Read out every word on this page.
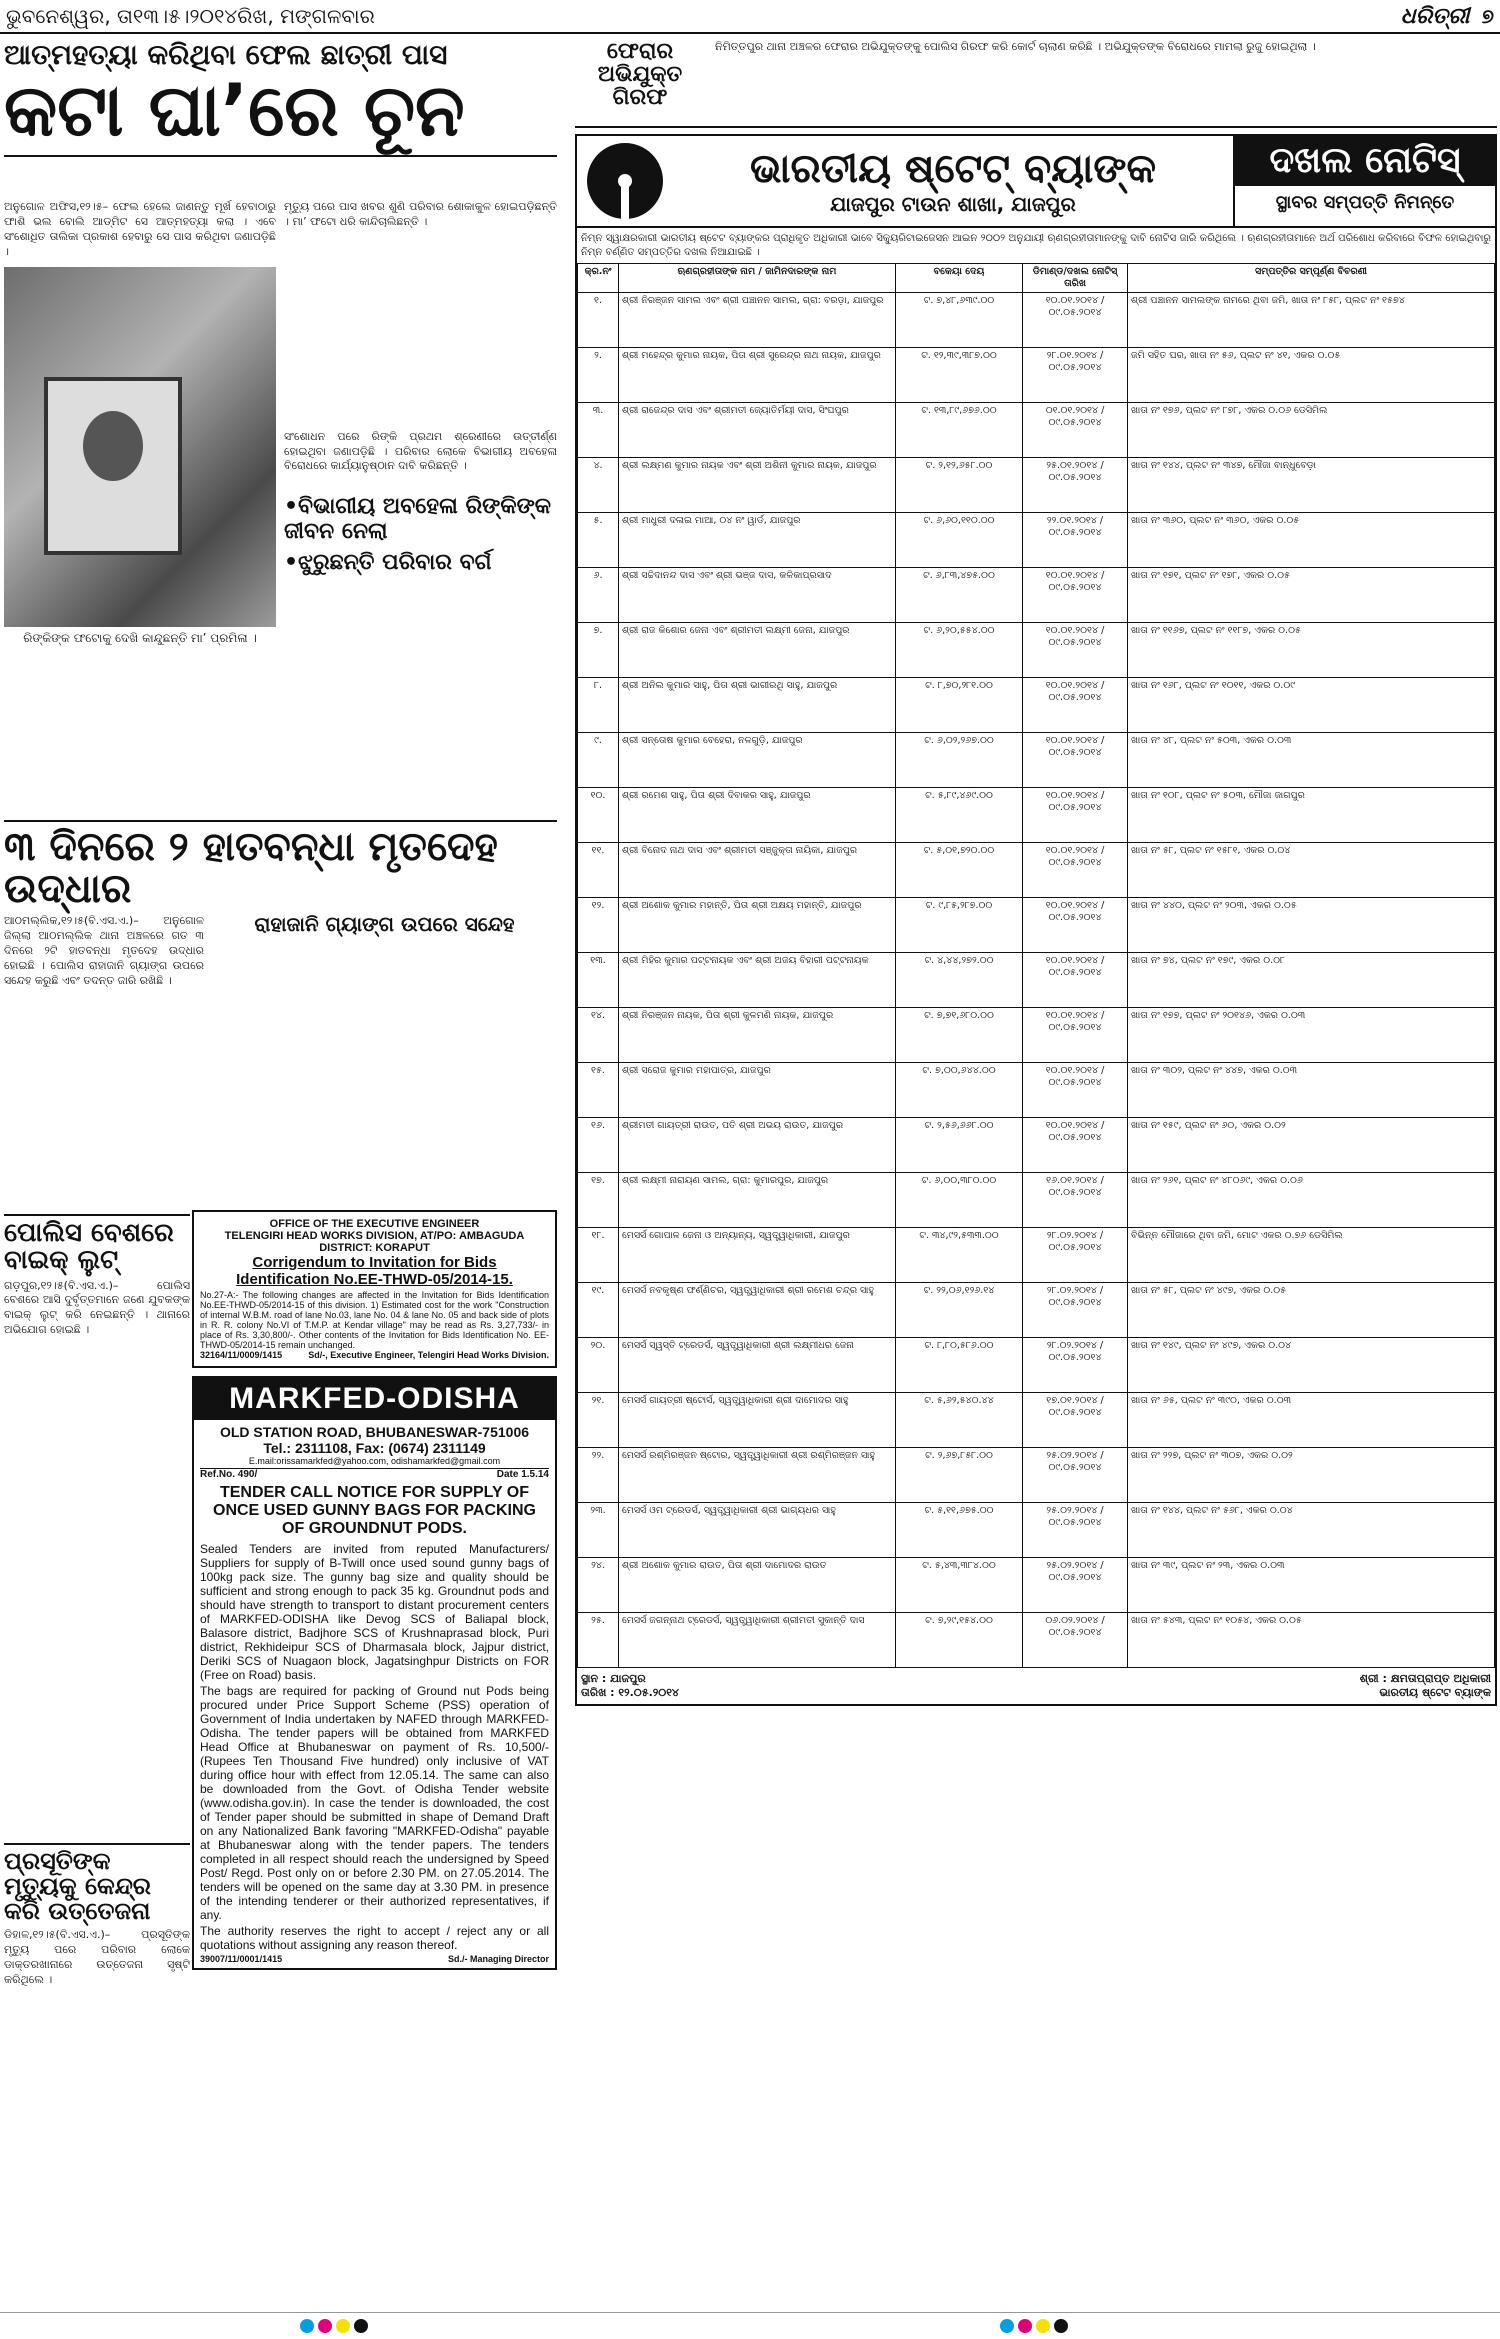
ଭୁବନେଶ୍ୱର, ତା୧୩।୫।୨୦୧୪ରିଖ, ମଙ୍ଗଳବାର	ଧରିତ୍ରୀ ୭
ଆତ୍ମହତ୍ୟା କରିଥିବା ଫେଲ ଛାତ୍ରୀ ପାସ
କଟା ଘା’ରେ ଚୂନ
ଅନୁଗୋଳ ଅଫିସ,୧୨।୫– ଫେଲ ହେଲେ ଜାଣନ୍ତୁ ମୂର୍ଖ ହେବାଠାରୁ ଫାଶି ଭଲ ବୋଲି ଆଡ୍‌ମିଟ ସେ ଆତ୍ମହତ୍ୟା କଲା । ଏବେ ସଂଶୋଧିତ ତାଲିକା ପ୍ରକାଶ ହେବାରୁ ସେ ପାସ କରିଥିବା ଜଣାପଡ଼ିଛି ।
ରିଙ୍କିଙ୍କ ଫଟୋକୁ ଦେଖି କାନ୍ଦୁଛନ୍ତି ମା’ ପ୍ରମିଳା ।
ମୃତ୍ୟୁ ପରେ ପାସ ଖବର ଶୁଣି ପରିବାର ଶୋକାକୁଳ ହୋଇପଡ଼ିଛନ୍ତି । ମା’ ଫଟୋ ଧରି କାନ୍ଦିଚାଲିଛନ୍ତି ।
ସଂଶୋଧନ ପରେ ରିଙ୍କି ପ୍ରଥମ ଶ୍ରେଣୀରେ ଉତ୍ତୀର୍ଣ୍ଣ ହୋଇଥିବା ଜଣାପଡ଼ିଛି । ପରିବାର ଲୋକେ ବିଭାଗୀୟ ଅବହେଳା ବିରୋଧରେ କାର୍ଯ୍ୟାନୁଷ୍ଠାନ ଦାବି କରିଛନ୍ତି ।
•ବିଭାଗୀୟ ଅବହେଳା ରିଙ୍କିଙ୍କ ଜୀବନ ନେଲା
•ଝୁରୁଛନ୍ତି ପରିବାର ବର୍ଗ
୩ ଦିନରେ ୨ ହାତବନ୍ଧା ମୃତଦେହ ଉଦ୍ଧାର
ଆଠମଲ୍ଲିକ,୧୨।୫(ବି.ଏସ.ଏ.)– ଅନୁଗୋଳ ଜିଲ୍ଲା ଆଠମଲ୍ଲିକ ଥାନା ଅଞ୍ଚଳରେ ଗତ ୩ ଦିନରେ ୨ଟି ହାତବନ୍ଧା ମୃତଦେହ ଉଦ୍ଧାର ହୋଇଛି । ପୋଲିସ ରାହାଜାନି ଗ୍ୟାଙ୍ଗ ଉପରେ ସନ୍ଦେହ କରୁଛି ଏବଂ ତଦନ୍ତ ଜାରି ରଖିଛି ।
ରାହାଜାନି ଗ୍ୟାଙ୍ଗ ଉପରେ ସନ୍ଦେହ
ପୋଲିସ ବେଶରେ ବାଇକ୍ ଲୁଟ୍
ଗଡ଼ପୁର,୧୨।୫(ବି.ଏସ.ଏ.)– ପୋଲିସ ବେଶରେ ଆସି ଦୁର୍ବୃତ୍ତମାନେ ଜଣେ ଯୁବକଙ୍କ ବାଇକ୍ ଲୁଟ୍ କରି ନେଇଛନ୍ତି । ଥାନାରେ ଅଭିଯୋଗ ହୋଇଛି ।
ପ୍ରସୂତିଙ୍କ ମୃତ୍ୟୁକୁ କେନ୍ଦ୍ର କରି ଉତ୍ତେଜନା
ଡିହାଳ,୧୨।୫(ବି.ଏସ.ଏ.)– ପ୍ରସୂତିଙ୍କ ମୃତ୍ୟୁ ପରେ ପରିବାର ଲୋକେ ଡାକ୍ତରଖାନାରେ ଉତ୍ତେଜନା ସୃଷ୍ଟି କରିଥିଲେ ।
OFFICE OF THE EXECUTIVE ENGINEER
TELENGIRI HEAD WORKS DIVISION, AT/PO: AMBAGUDA
DISTRICT: KORAPUT
Corrigendum to Invitation for Bids
Identification No.EE-THWD-05/2014-15.
No.27-A:- The following changes are affected in the Invitation for Bids Identification No.EE-THWD-05/2014-15 of this division. 1) Estimated cost for the work "Construction of internal W.B.M. road of lane No.03, lane No. 04 & lane No. 05 and back side of plots in R. R. colony No.VI of T.M.P. at Kendar village" may be read as Rs. 3,27,733/- in place of Rs. 3,30,800/-. Other contents of the Invitation for Bids Identification No. EE-THWD-05/2014-15 remain unchanged.
32164/11/0009/1415	Sd/-, Executive Engineer, Telengiri Head Works Division.
MARKFED-ODISHA
OLD STATION ROAD, BHUBANESWAR-751006
Tel.: 2311108, Fax: (0674) 2311149
E.mail:orissamarkfed@yahoo.com, odishamarkfed@gmail.com
Ref.No. 490/	Date 1.5.14
TENDER CALL NOTICE FOR SUPPLY OF ONCE USED GUNNY BAGS FOR PACKING OF GROUNDNUT PODS.
Sealed Tenders are invited from reputed Manufacturers/ Suppliers for supply of B-Twill once used sound gunny bags of 100kg pack size. The gunny bag size and quality should be sufficient and strong enough to pack 35 kg. Groundnut pods and should have strength to transport to distant procurement centers of MARKFED-ODISHA like Devog SCS of Baliapal block, Balasore district, Badjhore SCS of Krushnaprasad block, Puri district, Rekhideipur SCS of Dharmasala block, Jajpur district, Deriki SCS of Nuagaon block, Jagatsinghpur Districts on FOR (Free on Road) basis.
The bags are required for packing of Ground nut Pods being procured under Price Support Scheme (PSS) operation of Government of India undertaken by NAFED through MARKFED-Odisha. The tender papers will be obtained from MARKFED Head Office at Bhubaneswar on payment of Rs. 10,500/- (Rupees Ten Thousand Five hundred) only inclusive of VAT during office hour with effect from 12.05.14. The same can also be downloaded from the Govt. of Odisha Tender website (www.odisha.gov.in). In case the tender is downloaded, the cost of Tender paper should be submitted in shape of Demand Draft on any Nationalized Bank favoring "MARKFED-Odisha" payable at Bhubaneswar along with the tender papers. The tenders completed in all respect should reach the undersigned by Speed Post/ Regd. Post only on or before 2.30 PM. on 27.05.2014. The tenders will be opened on the same day at 3.30 PM. in presence of the intending tenderer or their authorized representatives, if any.
The authority reserves the right to accept / reject any or all quotations without assigning any reason thereof.
39007/11/0001/1415	Sd./- Managing Director
ଫେରାର ଅଭିଯୁକ୍ତ ଗିରଫ
ନିମିତ୍ତପୁର ଥାନା ଅଞ୍ଚଳର ଫେରାର ଅଭିଯୁକ୍ତଙ୍କୁ ପୋଲିସ ଗିରଫ କରି କୋର୍ଟ ଚାଲାଣ କରିଛି । ଅଭିଯୁକ୍ତଙ୍କ ବିରୋଧରେ ମାମଲା ରୁଜୁ ହୋଇଥିଲା ।
ଭାରତୀୟ ଷ୍ଟେଟ୍ ବ୍ୟାଙ୍କ
ଯାଜପୁର ଟାଉନ ଶାଖା, ଯାଜପୁର
ଦଖଲ ନୋଟିସ୍
ସ୍ଥାବର ସମ୍ପତ୍ତି ନିମନ୍ତେ
ନିମ୍ନ ସ୍ୱାକ୍ଷରକାରୀ ଭାରତୀୟ ଷ୍ଟେଟ ବ୍ୟାଙ୍କର ପ୍ରାଧିକୃତ ଅଧିକାରୀ ଭାବେ ସିକ୍ୟୁରିଟାଇଜେସନ ଆଇନ ୨୦୦୨ ଅନୁଯାୟୀ ଋଣଗ୍ରହୀତାମାନଙ୍କୁ ଦାବି ନୋଟିସ ଜାରି କରିଥିଲେ । ଋଣଗ୍ରହୀତାମାନେ ଅର୍ଥ ପରିଶୋଧ କରିବାରେ ବିଫଳ ହୋଇଥିବାରୁ ନିମ୍ନ ବର୍ଣ୍ଣିତ ସମ୍ପତ୍ତିର ଦଖଲ ନିଆଯାଇଛି ।
କ୍ର.ନଂ	ଋଣଗ୍ରହୀତାଙ୍କ ନାମ / ଜାମିନଦାରଙ୍କ ନାମ	ବକେୟା ଦେୟ	ଡିମାଣ୍ଡ/ଦଖଲ ନୋଟିସ୍ ତାରିଖ	ସମ୍ପତ୍ତିର ସମ୍ପୂର୍ଣ୍ଣ ବିବରଣୀ
୧.	ଶ୍ରୀ ନିରଞ୍ଜନ ସାମଲ ଏବଂ ଶ୍ରୀ ପଞ୍ଚାନନ ସାମଲ, ଗ୍ରା: ବରଡ଼ା, ଯାଜପୁର	ଟ. ୭,୪୮,୬୩୯.୦୦	୧୦.୦୧.୨୦୧୪ / ୦୯.୦୫.୨୦୧୪	ଶ୍ରୀ ପଞ୍ଚାନନ ସାମଲଙ୍କ ନାମରେ ଥିବା ଜମି, ଖାତା ନଂ ୮୫୮, ପ୍ଲଟ ନଂ ୧୫୭୪
୨.	ଶ୍ରୀ ମହେନ୍ଦ୍ର କୁମାର ନାୟକ, ପିତା ଶ୍ରୀ ସୁରେନ୍ଦ୍ର ନାଥ ନାୟକ, ଯାଜପୁର	ଟ. ୧୨,୩୯,୩୮୭.୦୦	୨୮.୦୧.୨୦୧୪ / ୦୯.୦୫.୨୦୧୪	ଜମି ସହିତ ଘର, ଖାତା ନଂ ୫୬, ପ୍ଲଟ ନଂ ୪୧, ଏକର ୦.୦୫
୩.	ଶ୍ରୀ ରାଜେନ୍ଦ୍ର ଦାସ ଏବଂ ଶ୍ରୀମତୀ ଜ୍ୟୋତିର୍ମୟୀ ଦାସ, ସିଂଘପୁର	ଟ. ୧୩,୮୯,୬୭୬.୦୦	୦୧.୦୧.୨୦୧୪ / ୦୯.୦୫.୨୦୧୪	ଖାତା ନଂ ୧୭୬, ପ୍ଲଟ ନଂ ୮୭୮, ଏକର ୦.୦୬ ଡେସିମିଲ
୪.	ଶ୍ରୀ ଲକ୍ଷ୍ମଣ କୁମାର ନାୟକ ଏବଂ ଶ୍ରୀ ଅଶିନୀ କୁମାର ନାୟକ, ଯାଜପୁର	ଟ. ୨,୧୨,୬୫୮.୦୦	୨୫.୦୧.୨୦୧୪ / ୦୯.୦୫.୨୦୧୪	ଖାତା ନଂ ୧୪୪, ପ୍ଲଟ ନଂ ୩୪୭, ମୌଜା ବାନ୍ଧୁବେଡ଼ା
୫.	ଶ୍ରୀ ମାଧୁରୀ ଦଳାଇ ମାଆ, ୦୪ ନଂ ୱାର୍ଡ, ଯାଜପୁର	ଟ. ୬,୬୦,୧୧୦.୦୦	୨୨.୦୧.୨୦୧୪ / ୦୯.୦୫.୨୦୧୪	ଖାତା ନଂ ୩୬୦, ପ୍ଲଟ ନଂ ୩୬୦, ଏକର ୦.୦୫
୬.	ଶ୍ରୀ ସଚ୍ଚିଦାନନ୍ଦ ଦାସ ଏବଂ ଶ୍ରୀ ଭଞ୍ଜ ଦାସ, କଳିକାପ୍ରସାଦ	ଟ. ୬,୮୩,୪୭୫.୦୦	୧୦.୦୧.୨୦୧୪ / ୦୯.୦୫.୨୦୧୪	ଖାତା ନଂ ୧୭୧, ପ୍ଲଟ ନଂ ୧୭୮, ଏକର ୦.୦୫
୭.	ଶ୍ରୀ ରାଜ କିଶୋର ଜେନା ଏବଂ ଶ୍ରୀମତୀ ଲକ୍ଷ୍ମୀ ଜେନା, ଯାଜପୁର	ଟ. ୬,୨୦,୫୫୪.୦୦	୧୦.୦୧.୨୦୧୪ / ୦୯.୦୫.୨୦୧୪	ଖାତା ନଂ ୧୧୬୭, ପ୍ଲଟ ନଂ ୧୧୮୭, ଏକର ୦.୦୫
୮.	ଶ୍ରୀ ଅନିଲ କୁମାର ସାହୁ, ପିତା ଶ୍ରୀ ଭାଗୀରଥି ସାହୁ, ଯାଜପୁର	ଟ. ୮,୭୦,୨୮୧.୦୦	୧୦.୦୧.୨୦୧୪ / ୦୯.୦୫.୨୦୧୪	ଖାତା ନଂ ୧୬୮, ପ୍ଲଟ ନଂ ୧୦୧୧, ଏକର ୦.୦୯
୯.	ଶ୍ରୀ ସନ୍ତୋଷ କୁମାର ବେହେରା, ନଳଗୁଡ଼ି, ଯାଜପୁର	ଟ. ୬,୦୨,୨୬୭.୦୦	୧୦.୦୧.୨୦୧୪ / ୦୯.୦୫.୨୦୧୪	ଖାତା ନଂ ୪୮, ପ୍ଲଟ ନଂ ୫୦୩, ଏକର ୦.୦୩
୧୦.	ଶ୍ରୀ ରମେଶ ସାହୁ, ପିତା ଶ୍ରୀ ଦିବାକର ସାହୁ, ଯାଜପୁର	ଟ. ୫,୮୯,୪୬୯.୦୦	୧୦.୦୧.୨୦୧୪ / ୦୯.୦୫.୨୦୧୪	ଖାତା ନଂ ୧୦୮, ପ୍ଲଟ ନଂ ୫୦୩, ମୌଜା ଜାଗପୁର
୧୧.	ଶ୍ରୀ ବିନୋଦ ନାଥ ଦାସ ଏବଂ ଶ୍ରୀମତୀ ସଞ୍ଜୁକ୍ତା ନାୟିକା, ଯାଜପୁର	ଟ. ୫,୦୧,୭୨୦.୦୦	୧୦.୦୧.୨୦୧୪ / ୦୯.୦୫.୨୦୧୪	ଖାତା ନଂ ୫୮, ପ୍ଲଟ ନଂ ୧୫୮୧, ଏକର ୦.୦୪
୧୨.	ଶ୍ରୀ ଅଶୋକ କୁମାର ମହାନ୍ତି, ପିତା ଶ୍ରୀ ଅକ୍ଷୟ ମହାନ୍ତି, ଯାଜପୁର	ଟ. ୯,୮୫,୨୮୭.୦୦	୧୦.୦୧.୨୦୧୪ / ୦୯.୦୫.୨୦୧୪	ଖାତା ନଂ ୪୪୦, ପ୍ଲଟ ନଂ ୨୦୩, ଏକର ୦.୦୫
୧୩.	ଶ୍ରୀ ମିହିର କୁମାର ପଟ୍ଟନାୟକ ଏବଂ ଶ୍ରୀ ଅଜୟ ବିହାରୀ ପଟ୍ଟନାୟକ	ଟ. ୪,୪୪,୨୭୨.୦୦	୧୦.୦୧.୨୦୧୪ / ୦୯.୦୫.୨୦୧୪	ଖାତା ନଂ ୭୪, ପ୍ଲଟ ନଂ ୧୭୯, ଏକର ୦.୦୮
୧୪.	ଶ୍ରୀ ନିରଞ୍ଜନ ନାୟକ, ପିତା ଶ୍ରୀ କୁଳମଣି ନାୟକ, ଯାଜପୁର	ଟ. ୭,୭୧,୬୮୦.୦୦	୧୦.୦୧.୨୦୧୪ / ୦୯.୦୫.୨୦୧୪	ଖାତା ନଂ ୧୭୭, ପ୍ଲଟ ନଂ ୨୦୧୪୬, ଏକର ୦.୦୩
୧୫.	ଶ୍ରୀ ସରୋଜ କୁମାର ମହାପାତ୍ର, ଯାଜପୁର	ଟ. ୭,୦୦,୬୪୪.୦୦	୧୦.୦୧.୨୦୧୪ / ୦୯.୦୫.୨୦୧୪	ଖାତା ନଂ ୩୦୨, ପ୍ଲଟ ନଂ ୪୪୭, ଏକର ୦.୦୩
୧୬.	ଶ୍ରୀମତୀ ଗାୟତ୍ରୀ ରାଉତ, ପତି ଶ୍ରୀ ଅଭୟ ରାଉତ, ଯାଜପୁର	ଟ. ୨,୫୬,୬୬୮.୦୦	୧୦.୦୧.୨୦୧୪ / ୦୯.୦୫.୨୦୧୪	ଖାତା ନଂ ୧୫୯, ପ୍ଲଟ ନଂ ୬୦, ଏକର ୦.୦୨
୧୭.	ଶ୍ରୀ ଲକ୍ଷ୍ମୀ ନାରାୟଣ ସାମଲ, ଗ୍ରା: କୁମାରପୁର, ଯାଜପୁର	ଟ. ୬,୦୦,୩୮୦.୦୦	୧୬.୦୧.୨୦୧୪ / ୦୯.୦୫.୨୦୧୪	ଖାତା ନଂ ୨୬୧, ପ୍ଲଟ ନଂ ୪୮୦୬୯, ଏକର ୦.୦୬
୧୮.	ମେସର୍ସ ଗୋପାଳ ଜେନା ଓ ଅନ୍ୟାନ୍ୟ, ସ୍ୱତ୍ତ୍ୱାଧିକାରୀ, ଯାଜପୁର	ଟ. ୩୪,୯୨,୫୩୩.୦୦	୨୮.୦୨.୨୦୧୪ / ୦୯.୦୫.୨୦୧୪	ବିଭିନ୍ନ ମୌଜାରେ ଥିବା ଜମି, ମୋଟ ଏକର ୦.୭୬ ଡେସିମିଲ
୧୯.	ମେସର୍ସ ନବକୃଷ୍ଣ ଫର୍ଣ୍ଣିଚର, ସ୍ୱତ୍ତ୍ୱାଧିକାରୀ ଶ୍ରୀ ରମେଶ ଚନ୍ଦ୍ର ସାହୁ	ଟ. ୨୨,୦୬,୧୨୬.୧୪	୨୮.୦୨.୨୦୧୪ / ୦୯.୦୫.୨୦୧୪	ଖାତା ନଂ ୫୮, ପ୍ଲଟ ନଂ ୪୯୭, ଏକର ୦.୦୫
୨୦.	ମେସର୍ସ ସ୍ୱସ୍ତି ଟ୍ରେଡର୍ସ, ସ୍ୱତ୍ତ୍ୱାଧିକାରୀ ଶ୍ରୀ ଲକ୍ଷ୍ମୀଧର ଜେନା	ଟ. ୮,୮୦,୫୮୬.୦୦	୨୮.୦୨.୨୦୧୪ / ୦୯.୦୫.୨୦୧୪	ଖାତା ନଂ ୧୪୯, ପ୍ଲଟ ନଂ ୪୯୭, ଏକର ୦.୦୪
୨୧.	ମେସର୍ସ ଗାୟତ୍ରୀ ଷ୍ଟୋର୍ସ, ସ୍ୱତ୍ତ୍ୱାଧିକାରୀ ଶ୍ରୀ ଦାମୋଦର ସାହୁ	ଟ. ୫,୬୨,୫୪୦.୪୪	୧୭.୦୧.୨୦୧୪ / ୦୯.୦୫.୨୦୧୪	ଖାତା ନଂ ୬୫, ପ୍ଲଟ ନଂ ୩୯୦, ଏକର ୦.୦୩
୨୨.	ମେସର୍ସ ରଶ୍ମିରଞ୍ଜନ ଷ୍ଟୋର, ସ୍ୱତ୍ତ୍ୱାଧିକାରୀ ଶ୍ରୀ ରଶ୍ମିରଞ୍ଜନ ସାହୁ	ଟ. ୨,୬୭,୮୫୮.୦୦	୨୫.୦୨.୨୦୧୪ / ୦୯.୦୫.୨୦୧୪	ଖାତା ନଂ ୨୨୭, ପ୍ଲଟ ନଂ ୩୦୭, ଏକର ୦.୦୨
୨୩.	ମେସର୍ସ ଓମ ଟ୍ରେଡର୍ସ, ସ୍ୱତ୍ତ୍ୱାଧିକାରୀ ଶ୍ରୀ ଭାଗ୍ୟଧର ସାହୁ	ଟ. ୫,୧୧,୬୭୫.୦୦	୨୫.୦୨.୨୦୧୪ / ୦୯.୦୫.୨୦୧୪	ଖାତା ନଂ ୧୪୪, ପ୍ଲଟ ନଂ ୫୬୮, ଏକର ୦.୦୪
୨୪.	ଶ୍ରୀ ଅଶୋକ କୁମାର ରାଉତ, ପିତା ଶ୍ରୀ ଦାମୋଦର ରାଉତ	ଟ. ୫,୪୩,୩୮୪.୦୦	୨୫.୦୨.୨୦୧୪ / ୦୯.୦୫.୨୦୧୪	ଖାତା ନଂ ୩୯, ପ୍ଲଟ ନଂ ୨୩, ଏକର ୦.୦୩
୨୫.	ମେସର୍ସ ଜଗନ୍ନାଥ ଟ୍ରେଡର୍ସ, ସ୍ୱତ୍ତ୍ୱାଧିକାରୀ ଶ୍ରୀମତୀ ସୁକାନ୍ତି ଦାସ	ଟ. ୭,୨୯,୧୫୪.୦୦	୦୬.୦୨.୨୦୧୪ / ୦୯.୦୫.୨୦୧୪	ଖାତା ନଂ ୫୪୩, ପ୍ଲଟ ନଂ ୧୦୫୪, ଏକର ୦.୦୫
ସ୍ଥାନ : ଯାଜପୁର
ତାରିଖ : ୧୨.୦୫.୨୦୧୪
ଶ୍ରୀ : କ୍ଷମତାପ୍ରାପ୍ତ ଅଧିକାରୀ
ଭାରତୀୟ ଷ୍ଟେଟ ବ୍ୟାଙ୍କ
